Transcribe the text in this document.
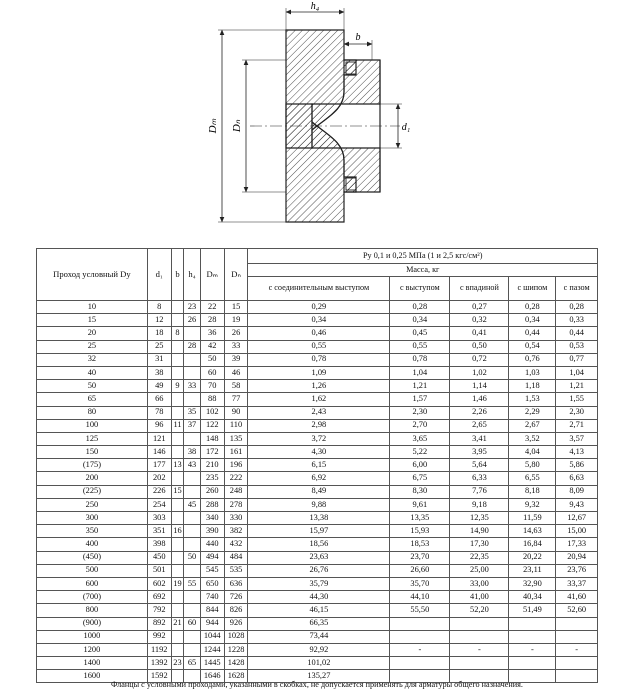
h₄
b
Dₘ Dₙ	d₁
Проход условный Dу	d₁	b	h₄	Dₘ	Dₙ	Py 0,1 и 0,25 МПа (1 и 2,5 кгс/см²)				
						Масса, кг				
						с соединительным выступом	с выступом	с впадиной	с шипом	с пазом
10	8		23	22	15	0,29	0,28	0,27	0,28	0,28
15	12		26	28	19	0,34	0,34	0,32	0,34	0,33
20	18	8		36	26	0,46	0,45	0,41	0,44	0,44
25	25		28	42	33	0,55	0,55	0,50	0,54	0,53
32	31			50	39	0,78	0,78	0,72	0,76	0,77
40	38			60	46	1,09	1,04	1,02	1,03	1,04
50	49	9	33	70	58	1,26	1,21	1,14	1,18	1,21
65	66			88	77	1,62	1,57	1,46	1,53	1,55
80	78		35	102	90	2,43	2,30	2,26	2,29	2,30
100	96	11	37	122	110	2,98	2,70	2,65	2,67	2,71
125	121			148	135	3,72	3,65	3,41	3,52	3,57
150	146		38	172	161	4,30	5,22	3,95	4,04	4,13
(175)	177	13	43	210	196	6,15	6,00	5,64	5,80	5,86
200	202			235	222	6,92	6,75	6,33	6,55	6,63
(225)	226	15		260	248	8,49	8,30	7,76	8,18	8,09
250	254		45	288	278	9,88	9,61	9,18	9,32	9,43
300	303			340	330	13,38	13,35	12,35	11,59	12,67
350	351	16		390	382	15,97	15,93	14,90	14,63	15,00
400	398			440	432	18,56	18,53	17,30	16,84	17,33
(450)	450		50	494	484	23,63	23,70	22,35	20,22	20,94
500	501			545	535	26,76	26,60	25,00	23,11	23,76
600	602	19	55	650	636	35,79	35,70	33,00	32,90	33,37
(700)	692			740	726	44,30	44,10	41,00	40,34	41,60
800	792			844	826	46,15	55,50	52,20	51,49	52,60
(900)	892	21	60	944	926	66,35				
1000	992			1044	1028	73,44				
1200	1192			1244	1228	92,92	-	-	-	-
1400	1392	23	65	1445	1428	101,02				
1600	1592			1646	1628	135,27				
Фланцы с условными проходами, указанными в скобках, не допускается применять для арматуры общего назначения.
